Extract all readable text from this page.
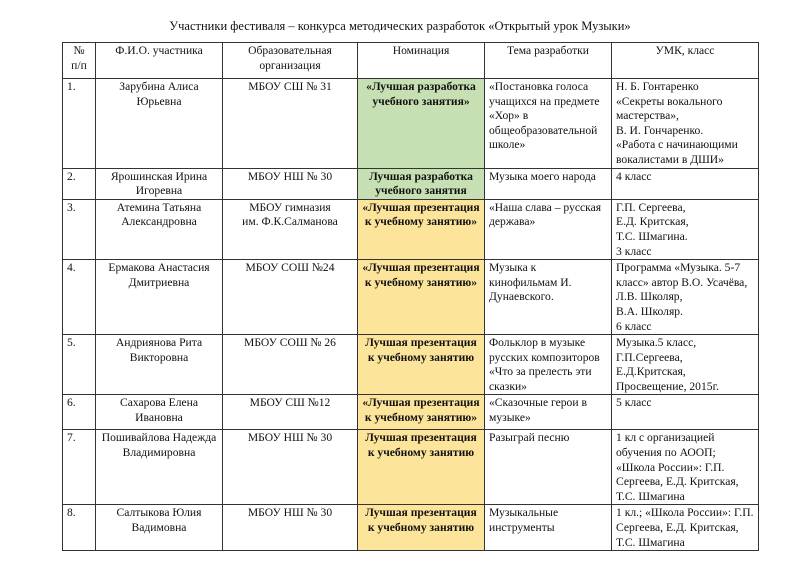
Участники фестиваля – конкурса методических разработок «Открытый урок Музыки»
№
п/п	Ф.И.О. участника	Образовательная
организация	Номинация	Тема разработки	УМК, класс
1.	Зарубина Алиса
Юрьевна	МБОУ СШ № 31	«Лучшая разработка
учебного занятия»	«Постановка голоса учащихся на предмете «Хор» в общеобразовательной школе»	Н. Б. Гонтаренко
«Секреты вокального мастерства»,
В. И. Гончаренко.
«Работа с начинающими вокалистами в ДШИ»
2.	Ярошинская Ирина
Игоревна	МБОУ НШ № 30	Лучшая разработка
учебного занятия	Музыка моего народа	4 класс
3.	Атемина Татьяна
Александровна	МБОУ гимназия
им. Ф.К.Салманова	«Лучшая презентация
к учебному занятию»	«Наша слава – русская держава»	Г.П. Сергеева,
Е.Д. Критская,
Т.С. Шмагина.
3 класс
4.	Ермакова Анастасия
Дмитриевна	МБОУ СОШ №24	«Лучшая презентация
к учебному занятию»	Музыка к кинофильмам И. Дунаевского.	Программа «Музыка. 5-7 класс» автор В.О. Усачёва, Л.В. Школяр,
В.А. Школяр.
6 класс
5.	Андриянова Рита
Викторовна	МБОУ СОШ № 26	Лучшая презентация
к учебному занятию	Фольклор в музыке русских композиторов «Что за прелесть эти сказки»	Музыка.5 класс,
Г.П.Сергеева,
Е.Д.Критская,
Просвещение, 2015г.
6.	Сахарова Елена
Ивановна	МБОУ СШ №12	«Лучшая презентация
к учебному занятию»	«Сказочные герои в музыке»	5 класс
7.	Пошивайлова Надежда
Владимировна	МБОУ НШ № 30	Лучшая презентация
к учебному занятию	Разыграй песню	1 кл с организацией обучения по АООП;
«Школа России»: Г.П. Сергеева, Е.Д. Критская, Т.С. Шмагина
8.	Салтыкова Юлия
Вадимовна	МБОУ НШ № 30	Лучшая презентация
к учебному занятию	Музыкальные инструменты	1 кл.; «Школа России»: Г.П. Сергеева, Е.Д. Критская, Т.С. Шмагина
